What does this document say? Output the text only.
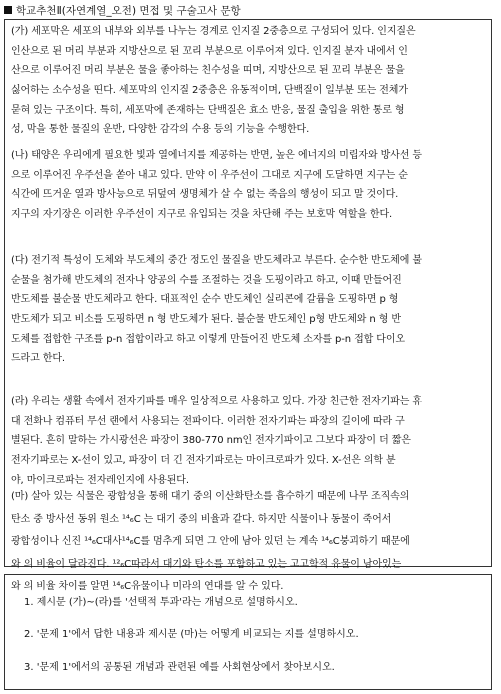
학교추천Ⅱ(자연계열_오전) 면접 및 구술고사 문항
(가) 세포막은 세포의 내부와 외부를 나누는 경계로 인지질 2중층으로 구성되어 있다. 인지질은
인산으로 된 머리 부분과 지방산으로 된 꼬리 부분으로 이루어져 있다. 인지질 분자 내에서 인
산으로 이루어진 머리 부분은 물을 좋아하는 친수성을 띠며, 지방산으로 된 꼬리 부분은 물을
싫어하는 소수성을 띤다. 세포막의 인지질 2중층은 유동적이며, 단백질이 일부분 또는 전체가
묻혀 있는 구조이다. 특히, 세포막에 존재하는 단백질은 효소 반응, 물질 출입을 위한 통로 형
성, 막을 통한 물질의 운반, 다양한 감각의 수용 등의 기능을 수행한다.
(나) 태양은 우리에게 필요한 빛과 열에너지를 제공하는 반면, 높은 에너지의 미립자와 방사선 등
으로 이루어진 우주선을 쏟아 내고 있다. 만약 이 우주선이 그대로 지구에 도달하면 지구는 순
식간에 뜨거운 열과 방사능으로 뒤덮여 생명체가 살 수 없는 죽음의 행성이 되고 말 것이다.
지구의 자기장은 이러한 우주선이 지구로 유입되는 것을 차단해 주는 보호막 역할을 한다.
(다) 전기적 특성이 도체와 부도체의 중간 정도인 물질을 반도체라고 부른다. 순수한 반도체에 불
순물을 첨가해 반도체의 전자나 양공의 수를 조절하는 것을 도핑이라고 하고, 이때 만들어진
반도체를 불순물 반도체라고 한다. 대표적인 순수 반도체인 실리콘에 갈륨을 도핑하면 p 형
반도체가 되고 비소를 도핑하면 n 형 반도체가 된다. 불순물 반도체인 p형 반도체와 n 형 반
도체를 접합한 구조를 p-n 접합이라고 하고 이렇게 만들어진 반도체 소자를 p-n 접합 다이오
드라고 한다.
(라) 우리는 생활 속에서 전자기파를 매우 일상적으로 사용하고 있다. 가장 친근한 전자기파는 휴
대 전화나 컴퓨터 무선 랜에서 사용되는 전파이다. 이러한 전자기파는 파장의 길이에 따라 구
별된다. 흔히 말하는 가시광선은 파장이 380-770 nm인 전자기파이고 그보다 파장이 더 짧은
전자기파로는 X-선이 있고, 파장이 더 긴 전자기파로는 마이크로파가 있다. X-선은 의학 분
야, 마이크로파는 전자레인지에 사용된다.
(마) 살아 있는 식물은 광합성을 통해 대기 중의 이산화탄소를 흡수하기 때문에 나무 조직속의
탄소 중 방사선 동위 원소 ¹⁴₆C 는 대기 중의 비율과 같다. 하지만 식물이나 동물이 죽어서
광합성이나 신진 ¹⁴₆C대사¹⁴₆C를 멈추게 되면 그 안에 남아 있던 는 계속 ¹⁴₆C붕괴하기 때문에
와 의 비율이 달라진다. ¹²₆C따라서 대기와 탄소를 포함하고 있는 고고학적 유물이 남아있는
와 의 비율 차이를 알면 ¹⁴₆C유물이나 미라의 연대를 알 수 있다.
1. 제시문 (가)~(라)를 '선택적 투과'라는 개념으로 설명하시오.
2. '문제 1'에서 답한 내용과 제시문 (마)는 어떻게 비교되는 지를 설명하시오.
3. '문제 1'에서의 공통된 개념과 관련된 예를 사회현상에서 찾아보시오.
